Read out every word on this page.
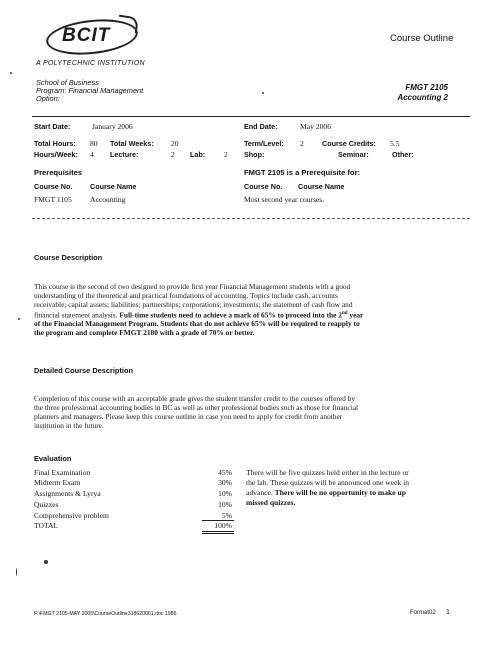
BCIT	Course Outline
A POLYTECHNIC INSTITUTION
School of Business
Program: Financial Management
Option:
FMGT 2105
Accounting 2
Start Date:	January 2006	End Date:	May 2006
Total Hours: 80 Total Weeks: 20	Term/Level: 2	Course Credits: 5.5
Hours/Week: 4 Lecture:	2 Lab: 2 Shop:	Seminar:	Other:
Prerequisites	FMGT 2105 is a Prerequisite for:
Course No. Course Name	Course No. Course Name
FMGT 1105 Accounting	Most second year courses.
Course Description
This course is the second of two designed to provide first year Financial Management students with a good
understanding of the theoretical and practical foundations of accounting. Topics include cash, accounts
receivable; capital assets; liabilities; partnerships; corporations; investments; the statement of cash flow and
financial statement analysis. Full-time students need to achieve a mark of 65% to proceed into the 2nd year
of the Financial Management Program. Students that do not achieve 65% will be required to reapply to
the program and complete FMGT 2180 with a grade of 70% or better.
Detailed Course Description
Completion of this course with an acceptable grade gives the student transfer credit to the courses offered by
the three professional accounting bodies in BC as well as other professional bodies such as those for financial
planners and managers. Please keep this course outline in case you need to apply for credit from another
institution in the future.
Evaluation
Final Examination	45%
Midterm Exam	30%
Assignments & Lyrya	10%
Quizzes	10%
Comprehensive problem	5%
TOTAL	100%
There will be five quizzes held either in the lecture or
the lab. These quizzes will be announced one week in
advance. There will be no opportunity to make up
missed quizzes.
F:\FMGT 2105-MAY 2005\CourseOutline318620061.doc 1986	Format02 1
